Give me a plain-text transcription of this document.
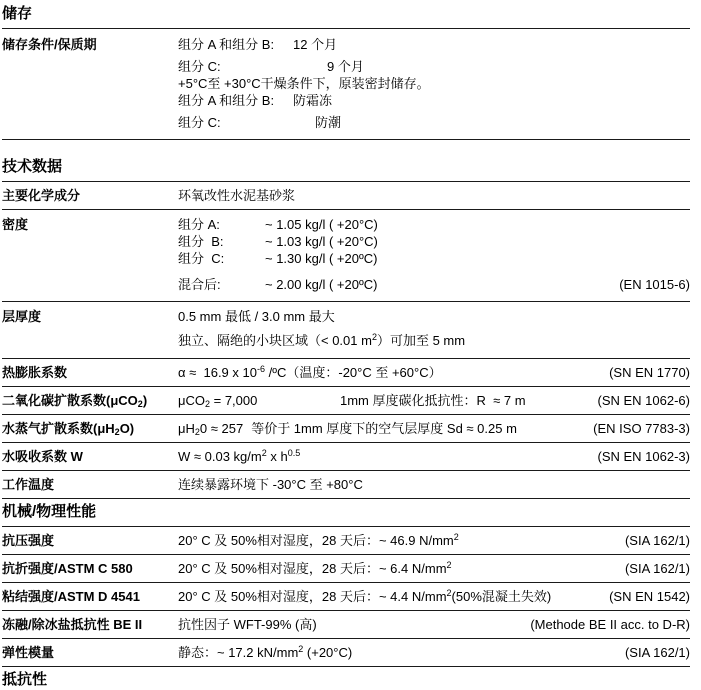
储存
储存条件/保质期	组分 A 和组分 B: 12 个月
组分 C:	9 个月
+5°C至 +30°C干燥条件下，原装密封储存。
组分 A 和组分 B: 防霜冻
组分 C:	防潮
技术数据
主要化学成分	环氧改性水泥基砂浆
密度	组分 A:	~ 1.05 kg/l ( +20°C)
组分  B:	~ 1.03 kg/l ( +20°C)
组分  C:	~ 1.30 kg/l ( +20ºC)
混合后:	~ 2.00 kg/l ( +20ºC)	(EN 1015-6)
层厚度	0.5 mm 最低 / 3.0 mm 最大
独立、隔绝的小块区域（< 0.01 $m^2$）可加至 5 mm
热膨胀系数	α ≈  16.9 x $10^{-6}$ /ºC（温度：-20°C 至 +60°C）	(SN EN 1770)
二氧化碳扩散系数(μCO$_2$)	μCO$_2$ = 7,000	1mm 厚度碳化抵抗性：R  ≈ 7 m	(SN EN 1062-6)
水蒸气扩散系数$(\mu H_2O)$	$\mu H_20 \approx 257$ 等价于 1mm 厚度下的空气层厚度 Sd ≈ 0.25 m	(EN ISO 7783-3)
水吸收系数 W	W ≈ 0.03 $kg/m^2$ x $h^{0.5}$	(SN EN 1062-3)
工作温度	连续暴露环境下 -30°C 至 +80°C
机械/物理性能
抗压强度	20° C 及 50%相对湿度，28 天后：~ 46.9 $N/mm^2$	(SIA 162/1)
抗折强度/ASTM C 580	20° C 及 50%相对湿度，28 天后：~ 6.4 $N/mm^2$	(SIA 162/1)
粘结强度/ASTM D 4541	20° C 及 50%相对湿度，28 天后：~ 4.4 $N/mm^2(50\%$混凝土失效)	(SN EN 1542)
冻融/除冰盐抵抗性 BE II	抗性因子 WFT-99% (高)	(Methode BE II acc. to D-R)
弹性模量	静态：~ 17.2 $kN/mm^2$ (+20°C)	(SIA 162/1)
抵抗性
